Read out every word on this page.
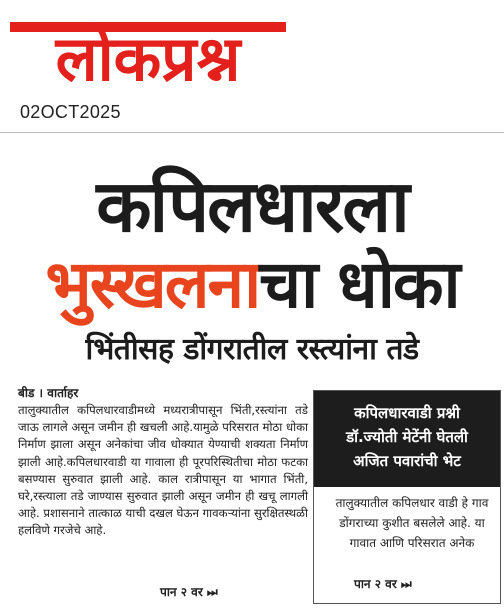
लोकप्रश्न
02OCT2025
कपिलधारला
भुस्खलनाचा धोका
भिंतीसह डोंगरातील रस्त्यांना तडे
बीड । वार्ताहर
तालुक्यातील कपिलधारवाडीमध्ये मध्यरात्रीपासून भिंती,रस्त्यांना तडे जाऊ लागले असून जमीन ही खचली आहे.यामुळे परिसरात मोठा धोका निर्माण झाला असून अनेकांचा जीव धोक्यात येण्याची शक्यता निर्माण झाली आहे.कपिलधारवाडी या गावाला ही पूरपरिस्थितीचा मोठा फटका बसण्यास सुरुवात झाली आहे. काल रात्रीपासून या भागात भिंती, घरे,रस्त्याला तडे जाण्यास सुरुवात झाली असून जमीन ही खचू लागली आहे. प्रशासनाने तात्काळ याची दखल घेऊन गावकऱ्यांना सुरक्षितस्थळी हलविणे गरजेचे आहे.
पान २ वर ⏭
कपिलधारवाडी प्रश्नी
डॉ.ज्योती मेटेंनी घेतली
अजित पवारांची भेट
तालुक्यातील कपिलधार वाडी हे गाव डोंगराच्या कुशीत बसलेले आहे. या गावात आणि परिसरात अनेक
पान २ वर ⏭
